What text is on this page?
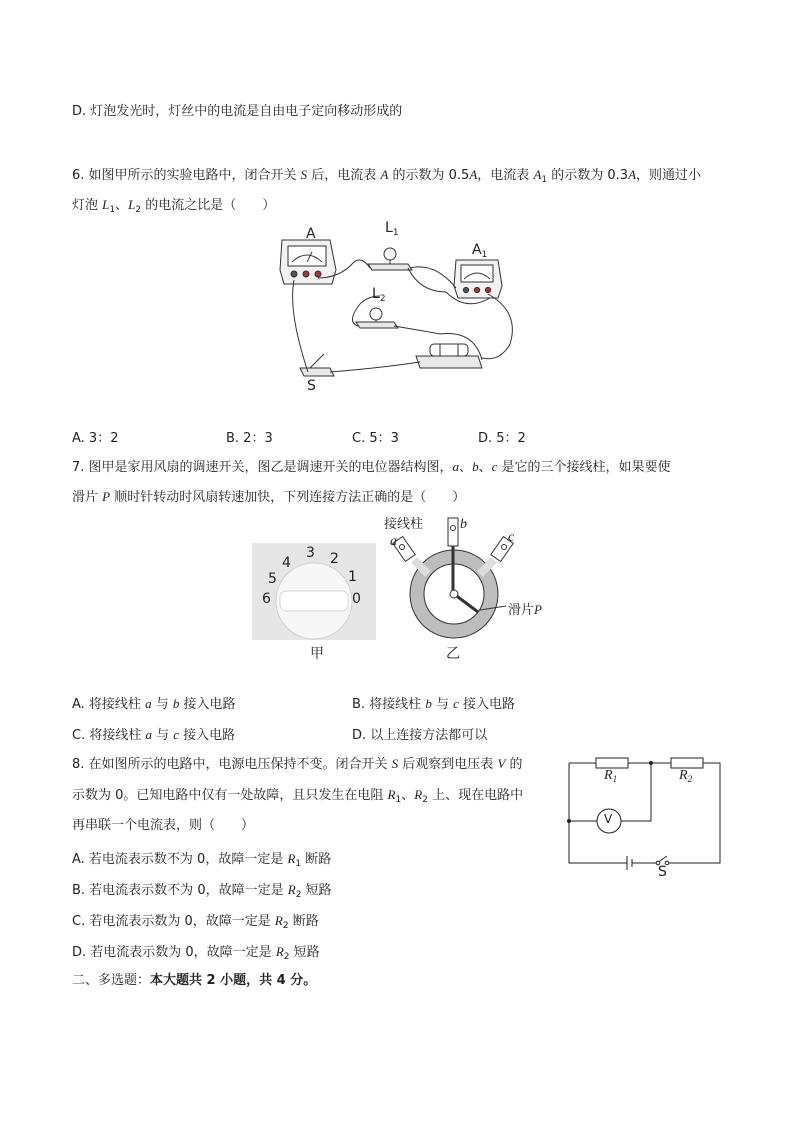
D. 灯泡发光时，灯丝中的电流是自由电子定向移动形成的
6. 如图甲所示的实验电路中，闭合开关 S 后，电流表 A 的示数为 0.5A，电流表 $A_1$ 的示数为 0.3A，则通过小
灯泡 $L_1$、$L_2$ 的电流之比是（　　）
A	$L_1$
$A_1$
$L_2$
S
A. 3：2	B. 2：3	C. 5：3	D. 5：2
7. 图甲是家用风扇的调速开关，图乙是调速开关的电位器结构图，a、b、c 是它的三个接线柱，如果要使
滑片 P 顺时针转动时风扇转速加快，下列连接方法正确的是（　　）
3
4	2
5	1
6	0
甲
接线柱
a
b
c
滑片P
乙
A. 将接线柱 a 与 b 接入电路	B. 将接线柱 b 与 c 接入电路
C. 将接线柱 a 与 c 接入电路	D. 以上连接方法都可以
8. 在如图所示的电路中，电源电压保持不变。闭合开关 S 后观察到电压表 V 的
示数为 0。已知电路中仅有一处故障，且只发生在电阻 $R_1$、$R_2$ 上、现在电路中
再串联一个电流表，则（　　）
A. 若电流表示数不为 0，故障一定是 $R_1$ 断路
B. 若电流表示数不为 0，故障一定是 $R_2$ 短路
C. 若电流表示数为 0，故障一定是 $R_2$ 断路
D. 若电流表示数为 0，故障一定是 $R_2$ 短路
$R_1$	$R_2$
V
S
二、多选题：本大题共 2 小题，共 4 分。
